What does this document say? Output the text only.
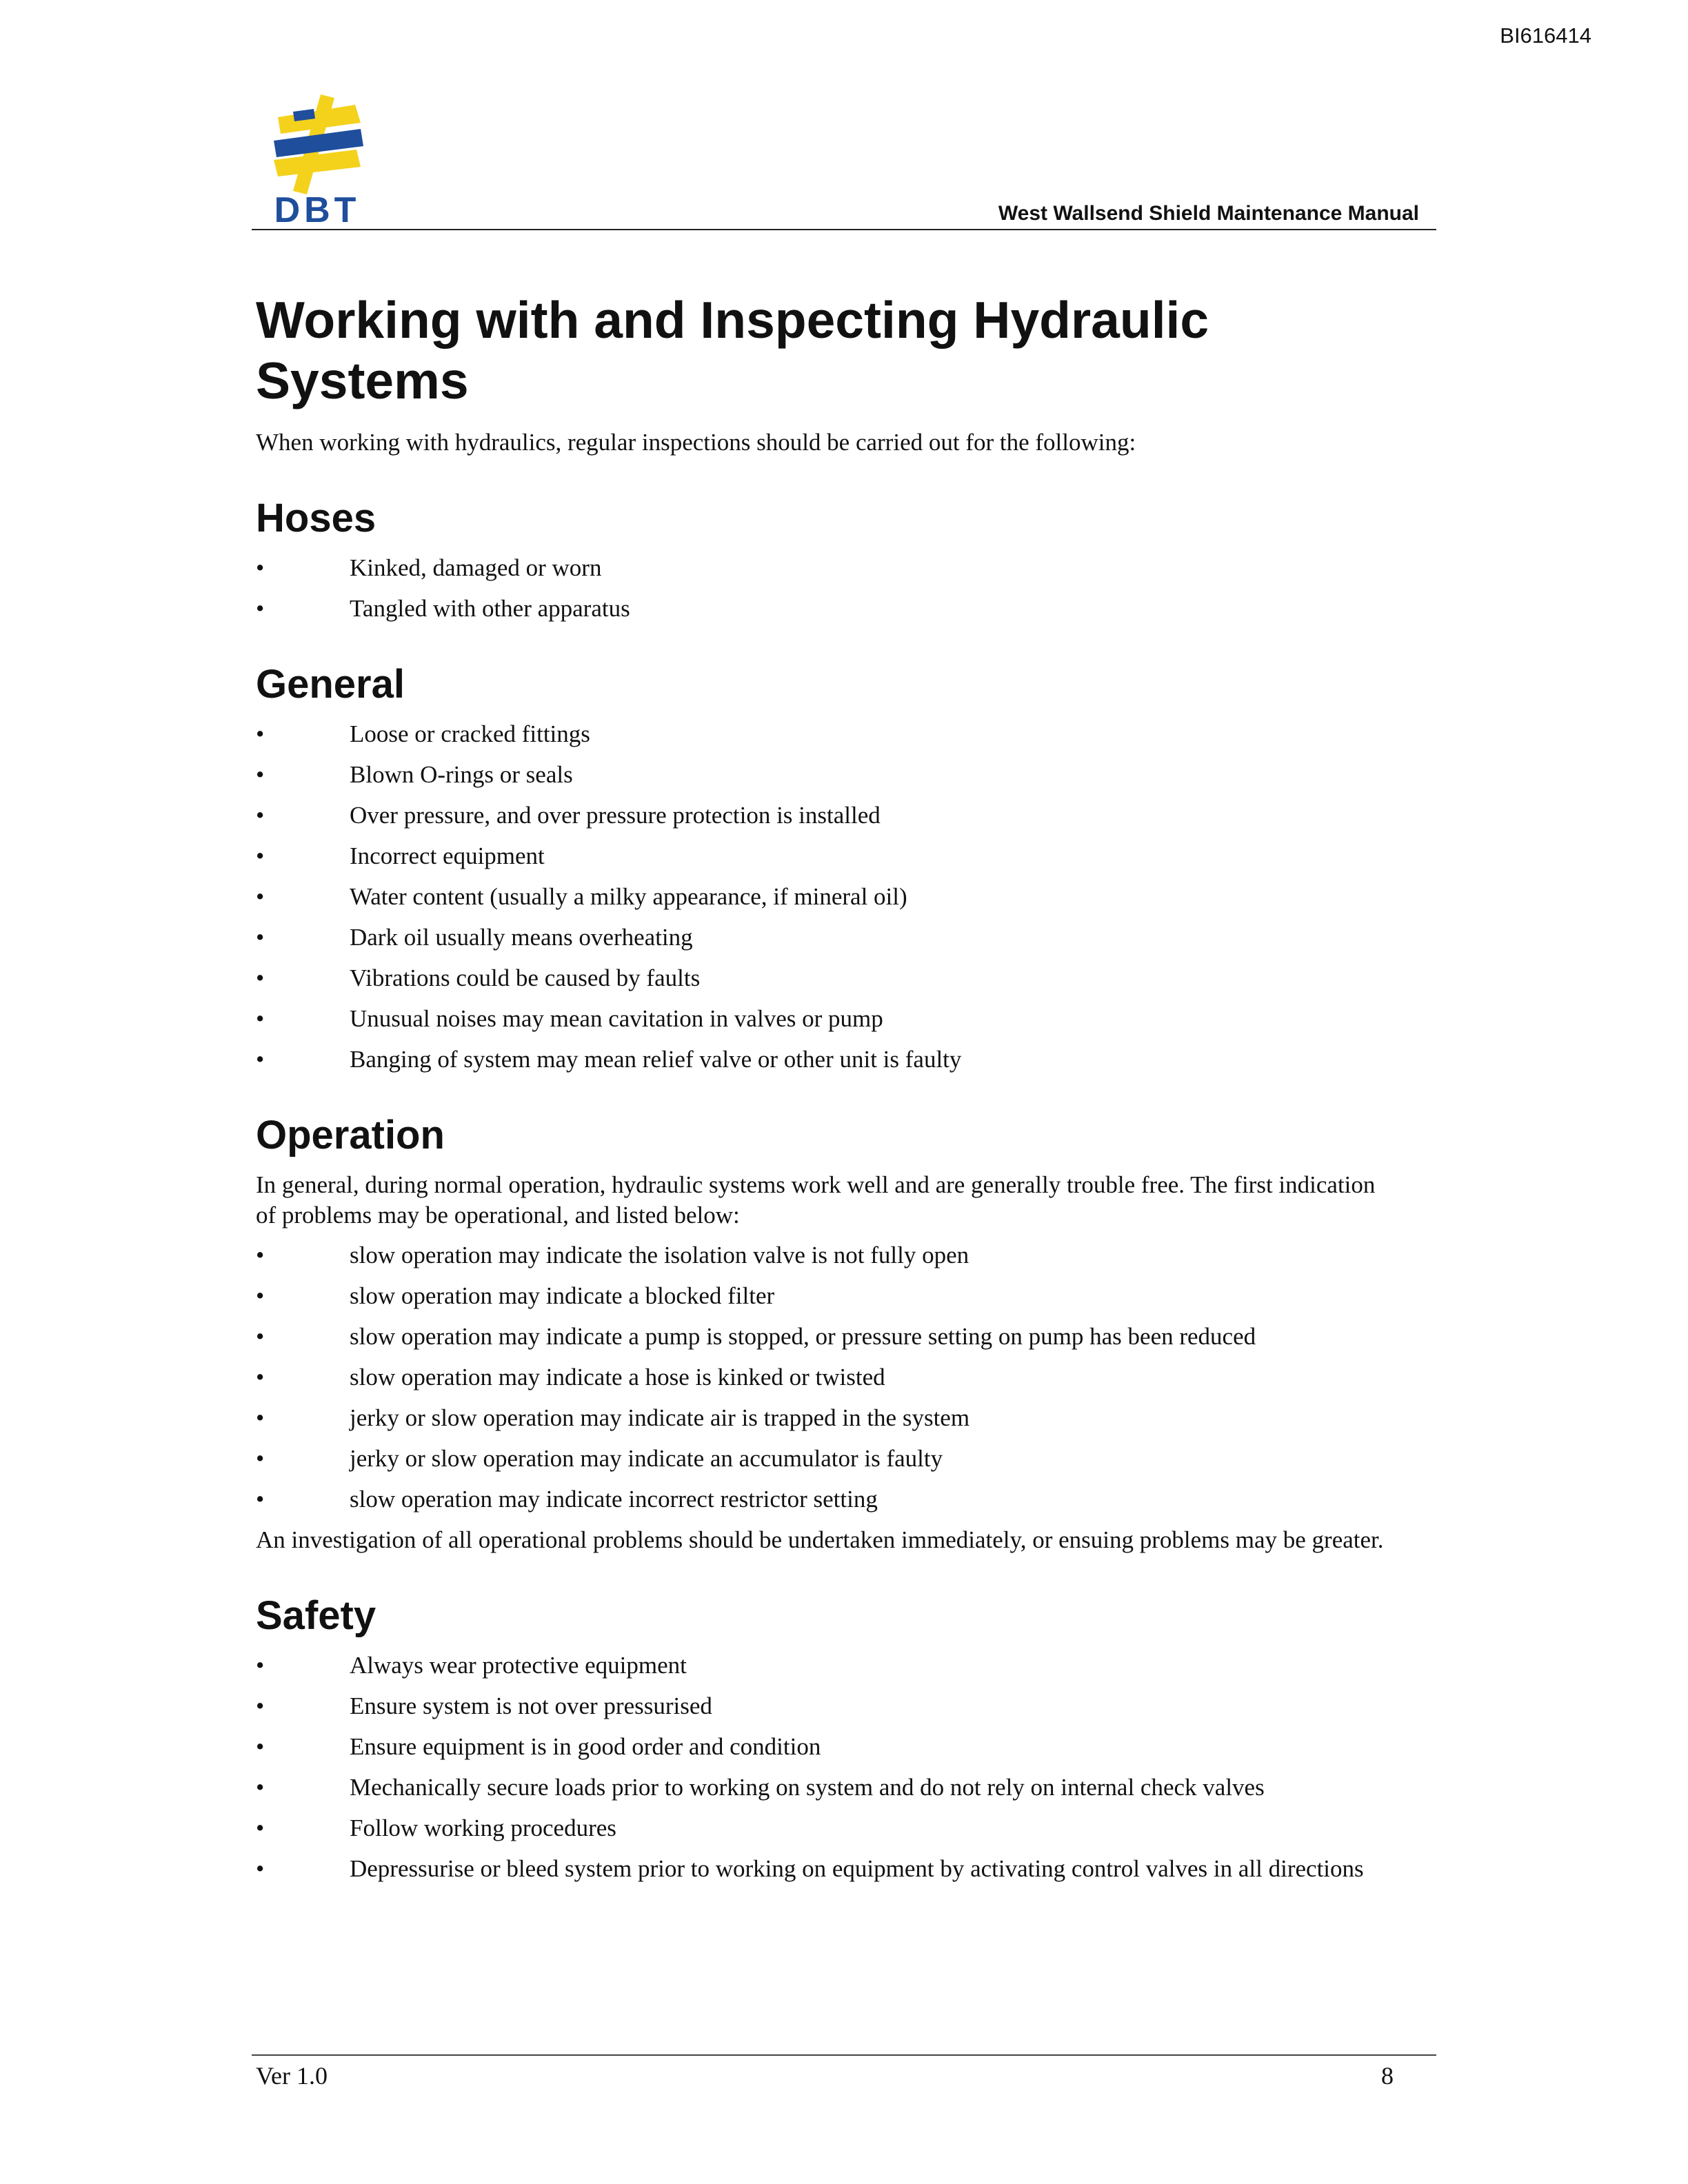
BI616414
DBT	West Wallsend Shield Maintenance Manual
Working with and Inspecting Hydraulic Systems

When working with hydraulics, regular inspections should be carried out for the following:

Hoses
•	Kinked, damaged or worn
•	Tangled with other apparatus
General
•	Loose or cracked fittings
•	Blown O-rings or seals
•	Over pressure, and over pressure protection is installed
•	Incorrect equipment
•	Water content (usually a milky appearance, if mineral oil)
•	Dark oil usually means overheating
•	Vibrations could be caused by faults
•	Unusual noises may mean cavitation in valves or pump
•	Banging of system may mean relief valve or other unit is faulty
Operation

In general, during normal operation, hydraulic systems work well and are generally trouble free. The first indication of problems may be operational, and listed below:

•	slow operation may indicate the isolation valve is not fully open
•	slow operation may indicate a blocked filter
•	slow operation may indicate a pump is stopped, or pressure setting on pump has been reduced
•	slow operation may indicate a hose is kinked or twisted
•	jerky or slow operation may indicate air is trapped in the system
•	jerky or slow operation may indicate an accumulator is faulty
•	slow operation may indicate incorrect restrictor setting

An investigation of all operational problems should be undertaken immediately, or ensuing problems may be greater.

Safety
•	Always wear protective equipment
•	Ensure system is not over pressurised
•	Ensure equipment is in good order and condition
•	Mechanically secure loads prior to working on system and do not rely on internal check valves
•	Follow working procedures
•	Depressurise or bleed system prior to working on equipment by activating control valves in all directions
Ver 1.0	8
